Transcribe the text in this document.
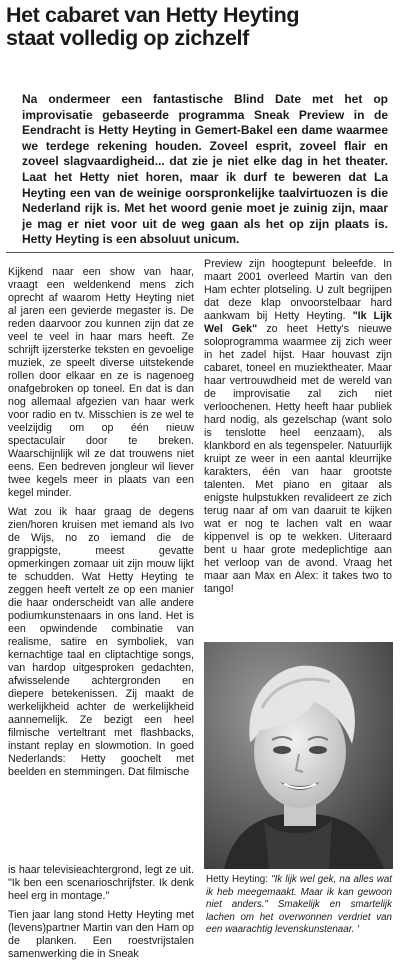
Het cabaret van Hetty Heyting
staat volledig op zichzelf

Na ondermeer een fantastische Blind Date met het op improvisatie gebaseerde programma Sneak Preview in de Eendracht is Hetty Heyting in Gemert-Bakel een dame waarmee we terdege rekening houden. Zoveel esprit, zoveel flair en zoveel slagvaardigheid... dat zie je niet elke dag in het theater. Laat het Hetty niet horen, maar ik durf te beweren dat La Heyting een van de weinige oorspronkelijke taalvirtuozen is die Nederland rijk is. Met het woord genie moet je zuinig zijn, maar je mag er niet voor uit de weg gaan als het op zijn plaats is. Hetty Heyting is een absoluut unicum.

Kijkend naar een show van haar, vraagt een weldenkend mens zich oprecht af waarom Hetty Heyting niet al jaren een gevierde megaster is. De reden daarvoor zou kunnen zijn dat ze veel te veel in haar mars heeft. Ze schrijft ijzersterke teksten en gevoelige muziek, ze speelt diverse uitstekende rollen door elkaar en ze is nagenoeg onafgebroken op toneel. En dat is dan nog allemaal afgezien van haar werk voor radio en tv. Misschien is ze wel te veelzijdig om op één nieuw spectaculair door te breken. Waarschijnlijk wil ze dat trouwens niet eens. Een bedreven jongleur wil liever twee kegels meer in plaats van een kegel minder.

Wat zou ik haar graag de degens zien/horen kruisen met iemand als Ivo de Wijs, no zo iemand die de grappigste, meest gevatte opmerkingen zomaar uit zijn mouw lijkt te schudden. Wat Hetty Heyting te zeggen heeft vertelt ze op een manier die haar onderscheidt van alle andere podiumkunstenaars in ons land. Het is een opwindende combinatie van realisme, satire en symboliek, van kernachtige taal en cliptachtige songs, van hardop uitgesproken gedachten, afwisselende achtergronden en diepere betekenissen. Zij maakt de werkelijkheid achter de werkelijkheid aannemelijk. Ze bezigt een heel filmische verteltrant met flashbacks, instant replay en slowmotion. In goed Nederlands: Hetty goochelt met beelden en stemmingen. Dat filmische

is haar televisieachtergrond, legt ze uit. "Ik ben een scenarioschrijfster. Ik denk heel erg in montage."

Tien jaar lang stond Hetty Heyting met (levens)partner Martin van den Ham op de planken. Een roestvrijstalen samenwerking die in Sneak

Preview zijn hoogtepunt beleefde. In maart 2001 overleed Martin van den Ham echter plotseling. U zult begrijpen dat deze klap onvoorstelbaar hard aankwam bij Hetty Heyting. "Ik Lijk Wel Gek" zo heet Hetty's nieuwe soloprogramma waarmee zij zich weer in het zadel hijst. Haar houvast zijn cabaret, toneel en muziektheater. Maar haar vertrouwdheid met de wereld van de improvisatie zal zich niet verloochenen. Hetty heeft haar publiek hard nodig, als gezelschap (want solo is tenslotte heel eenzaam), als klankbord en als tegenspeler. Natuurlijk kruipt ze weer in een aantal kleurrijke karakters, één van haar grootste talenten. Met piano en gitaar als enigste hulpstukken revalideert ze zich terug naar af om van daaruit te kijken wat er nog te lachen valt en waar kippenvel is op te wekken. Uiteraard bent u haar grote medeplichtige aan het verloop van de avond. Vraag het maar aan Max en Alex: it takes two to tango!

Hetty Heyting: "Ik lijk wel gek, na alles wat ik heb meegemaakt. Maar ik kan gewoon niet anders." Smakelijk en smartelijk lachen om het overwonnen verdriet van een waarachtig levenskunstenaar. '
